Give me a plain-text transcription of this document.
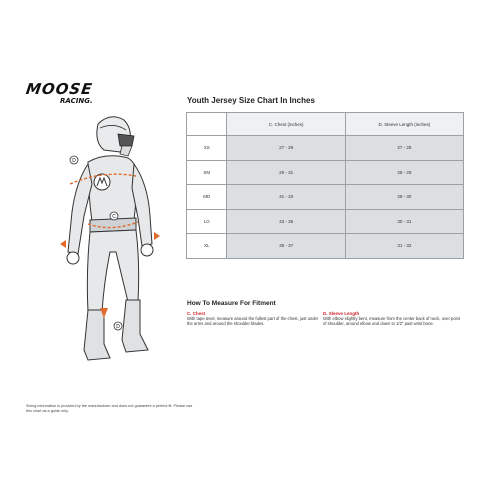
MOOSE
RACING.
D
C
D
Youth Jersey Size Chart In Inches
	C. Chest (inches)	D. Sleeve Length (inches)
XS	27 - 29	27 - 28
SM	29 - 31	28 - 29
MD	31 - 33	29 - 30
LG	33 - 35	30 - 31
XL	35 - 37	31 - 32
How To Measure For Fitment
C. Chest
With tape level, measure around the fullest part of the chest, just under the arms and around the shoulder blades.
D. Sleeve Length
With elbow slightly bent, measure from the center back of neck, over point of shoulder, around elbow and down to 1/2" past wrist bone.
Sizing information is provided by the manufacturer and does not guarantee a perfect fit. Please use this chart as a guide only.
